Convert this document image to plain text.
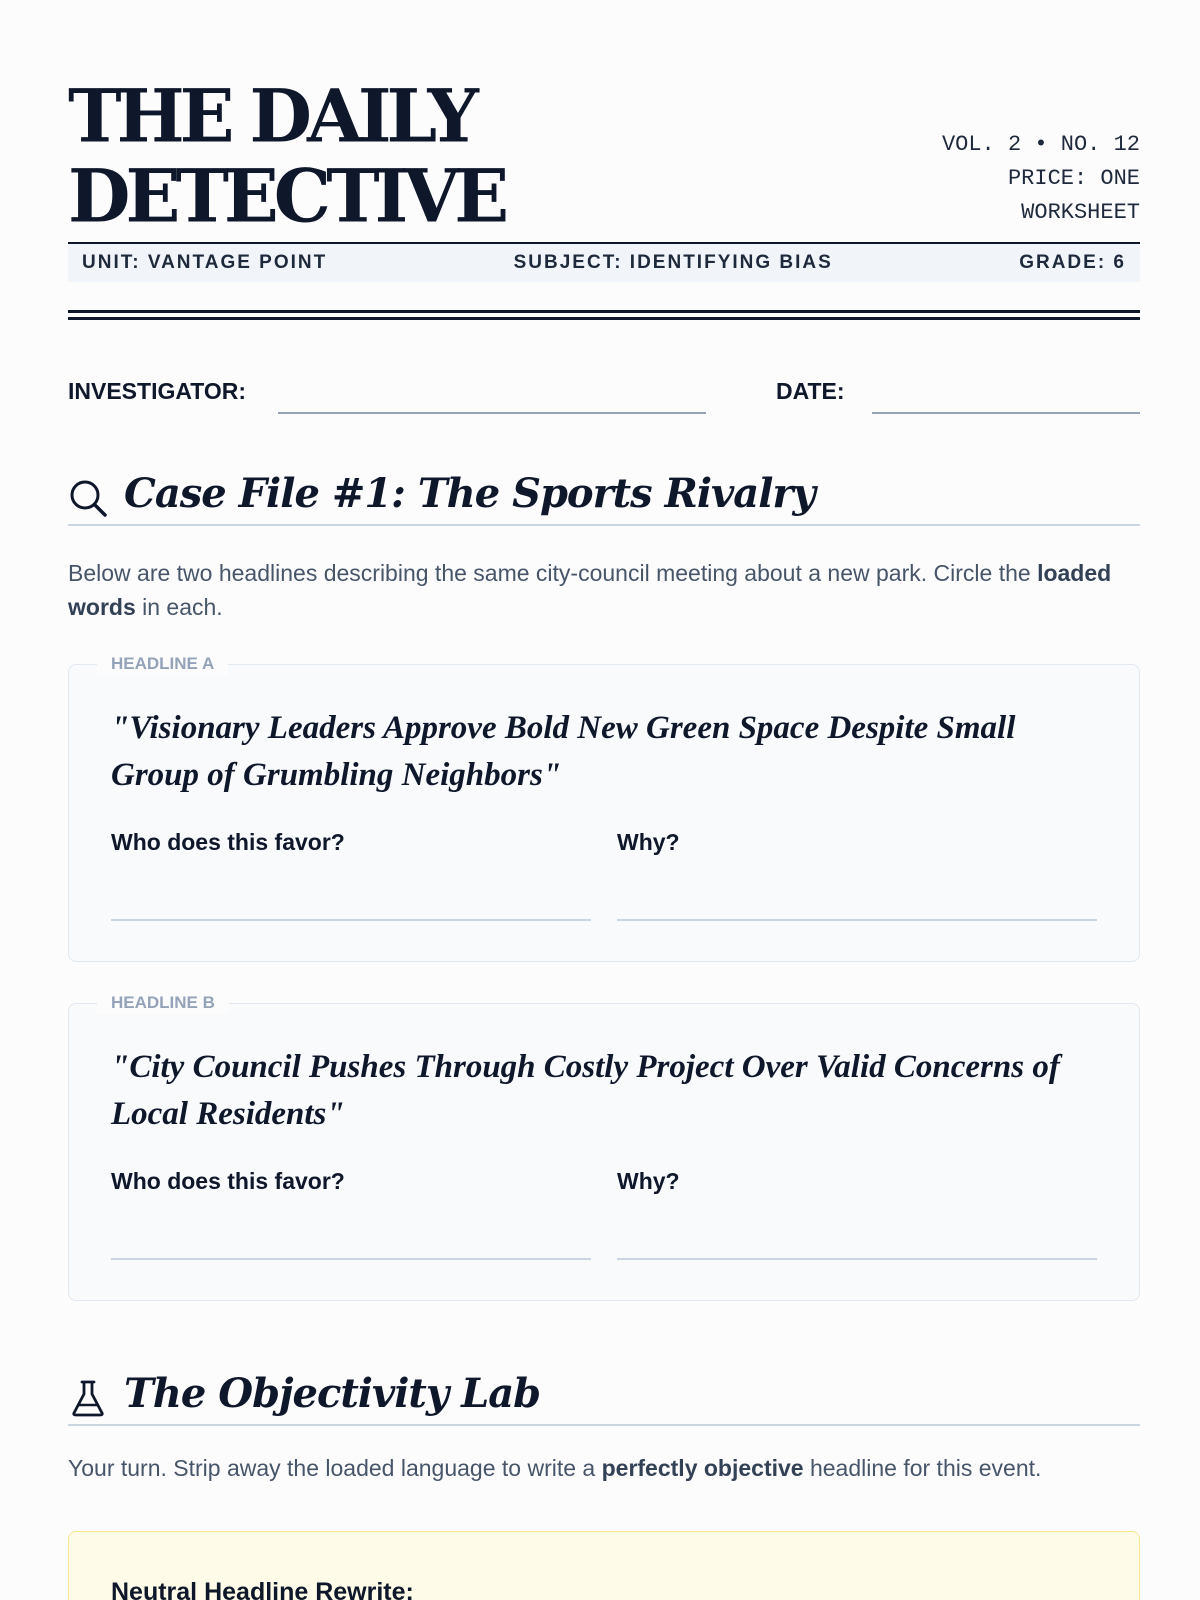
THE DAILY
DETECTIVE
VOL. 2 • NO. 12
PRICE: ONE
WORKSHEET
UNIT: VANTAGE POINT	SUBJECT: IDENTIFYING BIAS	GRADE: 6
INVESTIGATOR:	DATE:
Case File #1: The Sports Rivalry

Below are two headlines describing the same city-council meeting about a new park. Circle the loaded words in each.

HEADLINE A
"Visionary Leaders Approve Bold New Green Space Despite Small Group of Grumbling Neighbors"
Who does this favor?	Why?
HEADLINE B
"City Council Pushes Through Costly Project Over Valid Concerns of Local Residents"
Who does this favor?	Why?
The Objectivity Lab

Your turn. Strip away the loaded language to write a perfectly objective headline for this event.

Neutral Headline Rewrite:
